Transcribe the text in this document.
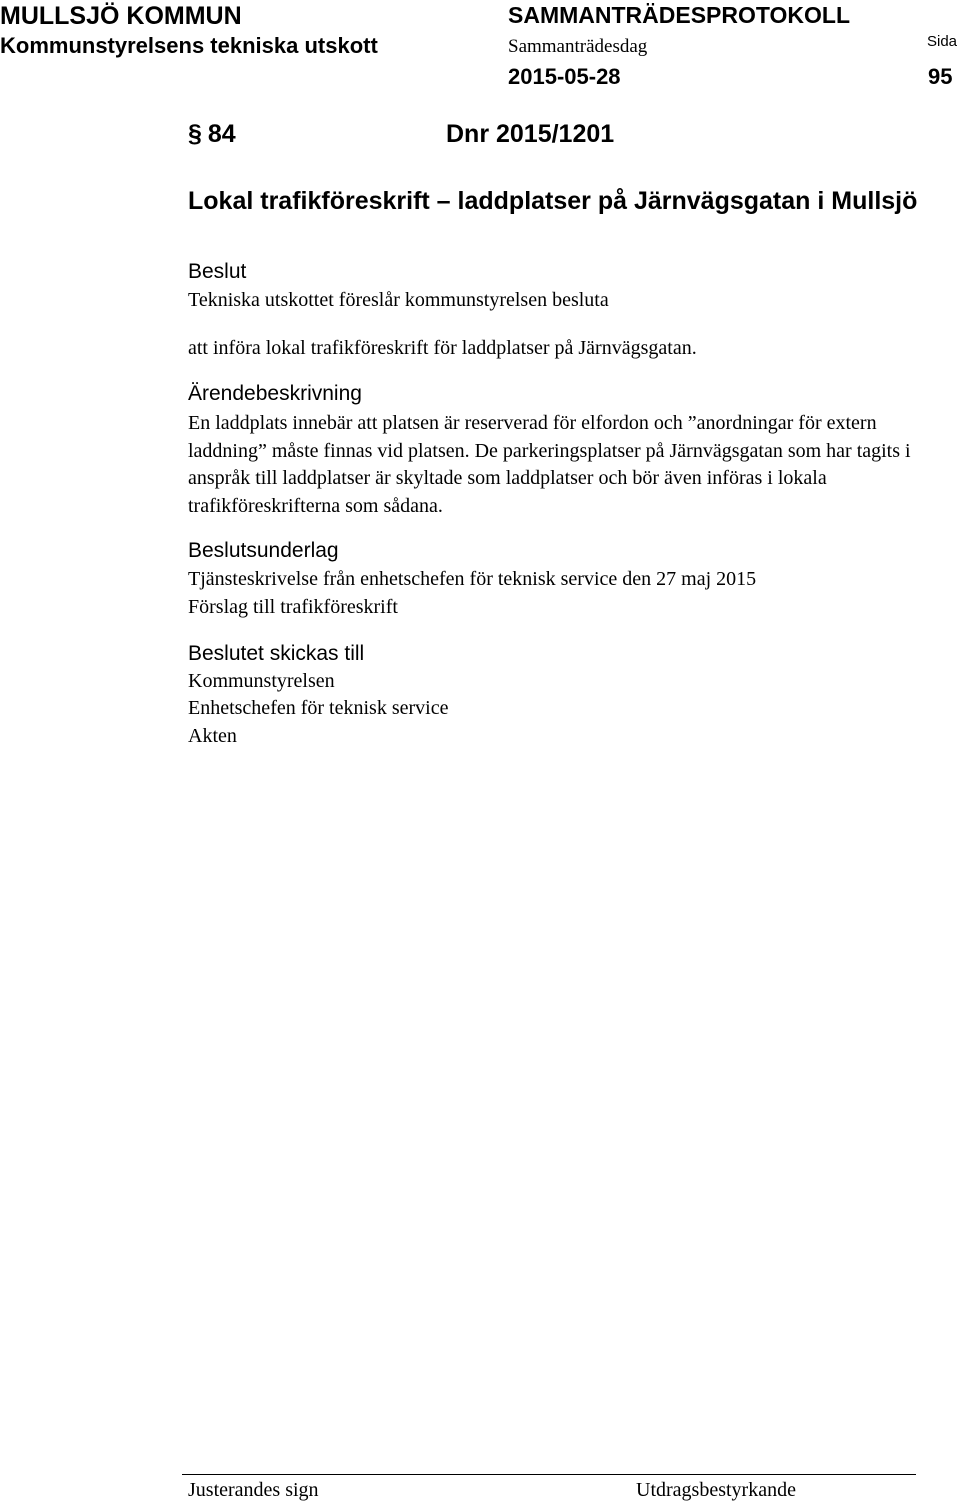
MULLSJÖ KOMMUN
Kommunstyrelsens tekniska utskott
SAMMANTRÄDESPROTOKOLL
Sammanträdesdag
2015-05-28
Sida
95
§ 84	Dnr 2015/1201
Lokal trafikföreskrift – laddplatser på Järnvägsgatan i Mullsjö
Beslut
Tekniska utskottet föreslår kommunstyrelsen besluta
att införa lokal trafikföreskrift för laddplatser på Järnvägsgatan.
Ärendebeskrivning
En laddplats innebär att platsen är reserverad för elfordon och ”anordningar för extern laddning” måste finnas vid platsen. De parkeringsplatser på Järnvägsgatan som har tagits i anspråk till laddplatser är skyltade som laddplatser och bör även införas i lokala trafikföreskrifterna som sådana.
Beslutsunderlag
Tjänsteskrivelse från enhetschefen för teknisk service den 27 maj 2015
Förslag till trafikföreskrift
Beslutet skickas till
Kommunstyrelsen
Enhetschefen för teknisk service
Akten
Justerandes sign	Utdragsbestyrkande
